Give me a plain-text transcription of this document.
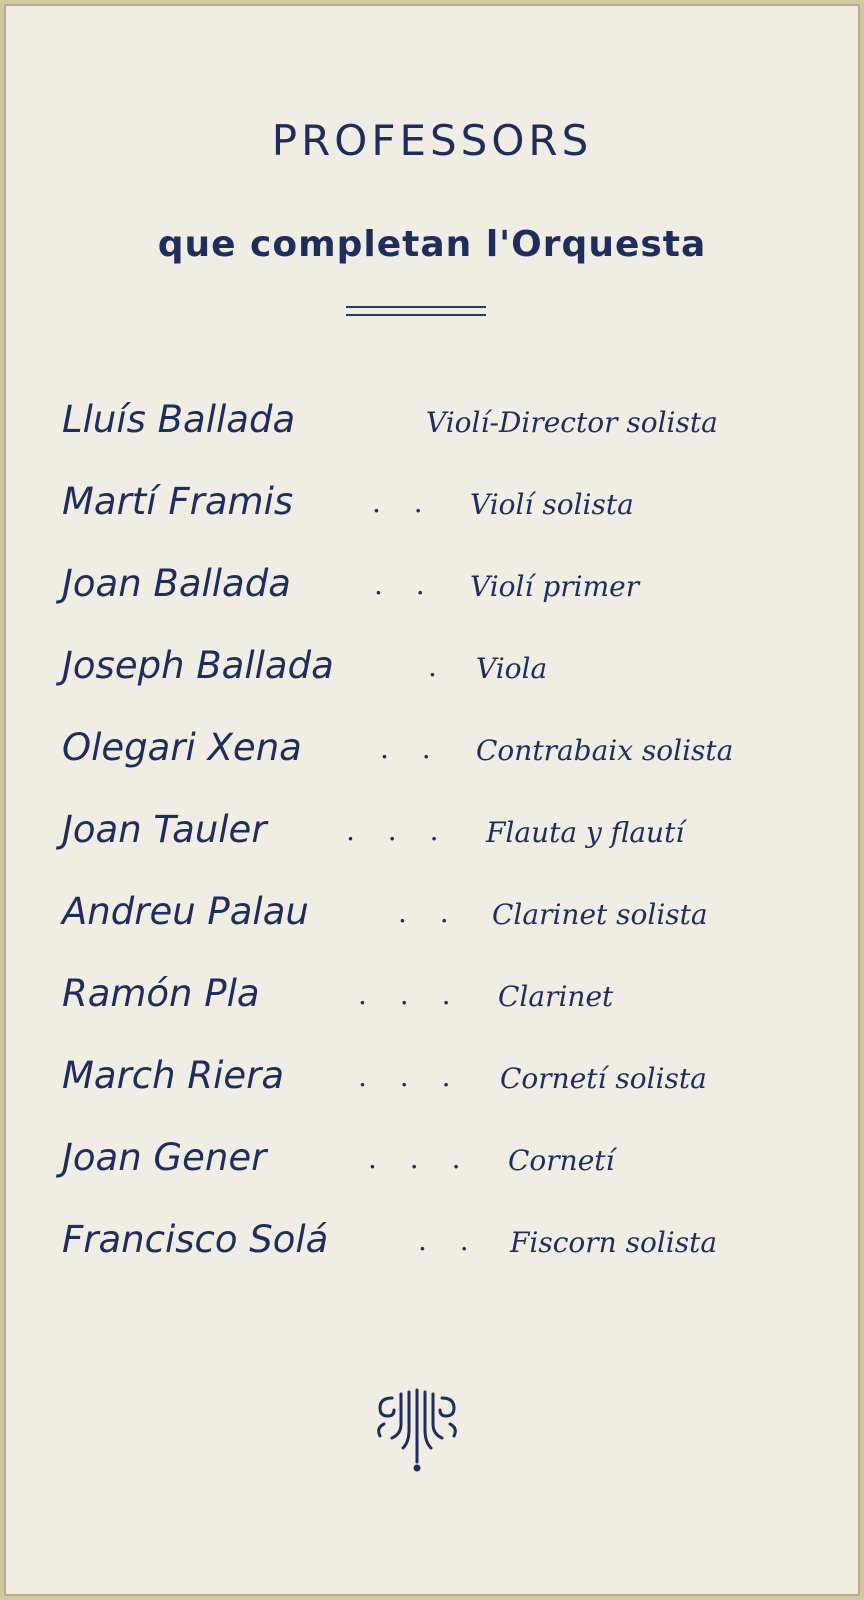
PROFESSORS
que completan l'Orquesta
Lluís Ballada	Violí-Director solista
Martí Framis	. . Violí solista
Joan Ballada	. . Violí primer
Joseph Ballada	. Viola
Olegari Xena	. . Contrabaix solista
Joan Tauler	. . . Flauta y flautí
Andreu Palau	. . Clarinet solista
Ramón Pla	. . . Clarinet
March Riera	. . . Cornetí solista
Joan Gener	. . . Cornetí
Francisco Solá	. . Fiscorn solista
